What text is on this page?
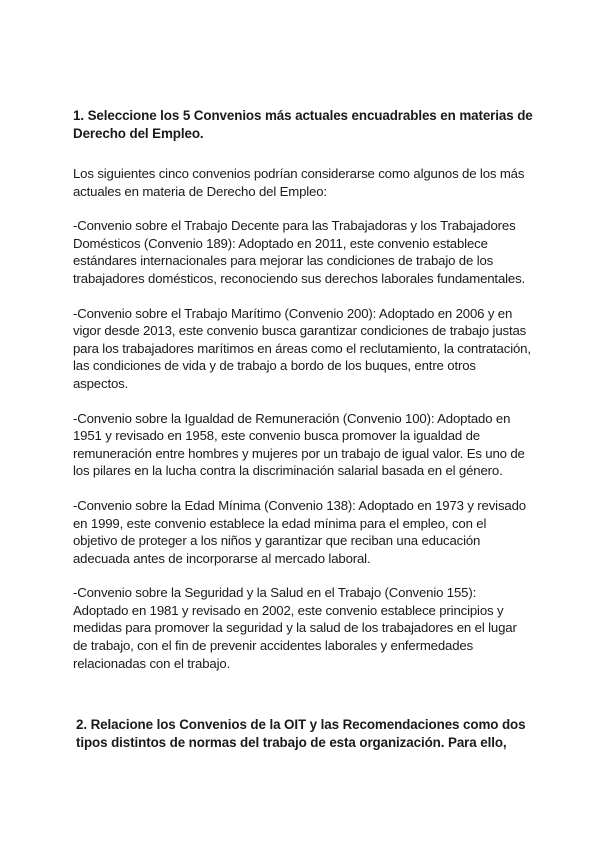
1. Seleccione los 5 Convenios más actuales encuadrables en materias de Derecho del Empleo.

Los siguientes cinco convenios podrían considerarse como algunos de los más actuales en materia de Derecho del Empleo:

-Convenio sobre el Trabajo Decente para las Trabajadoras y los Trabajadores Domésticos (Convenio 189): Adoptado en 2011, este convenio establece estándares internacionales para mejorar las condiciones de trabajo de los trabajadores domésticos, reconociendo sus derechos laborales fundamentales.

-Convenio sobre el Trabajo Marítimo (Convenio 200): Adoptado en 2006 y en vigor desde 2013, este convenio busca garantizar condiciones de trabajo justas para los trabajadores marítimos en áreas como el reclutamiento, la contratación, las condiciones de vida y de trabajo a bordo de los buques, entre otros aspectos.

-Convenio sobre la Igualdad de Remuneración (Convenio 100): Adoptado en 1951 y revisado en 1958, este convenio busca promover la igualdad de remuneración entre hombres y mujeres por un trabajo de igual valor. Es uno de los pilares en la lucha contra la discriminación salarial basada en el género.

-Convenio sobre la Edad Mínima (Convenio 138): Adoptado en 1973 y revisado en 1999, este convenio establece la edad mínima para el empleo, con el objetivo de proteger a los niños y garantizar que reciban una educación adecuada antes de incorporarse al mercado laboral.

-Convenio sobre la Seguridad y la Salud en el Trabajo (Convenio 155): Adoptado en 1981 y revisado en 2002, este convenio establece principios y medidas para promover la seguridad y la salud de los trabajadores en el lugar de trabajo, con el fin de prevenir accidentes laborales y enfermedades relacionadas con el trabajo.

2. Relacione los Convenios de la OIT y las Recomendaciones como dos tipos distintos de normas del trabajo de esta organización. Para ello,
